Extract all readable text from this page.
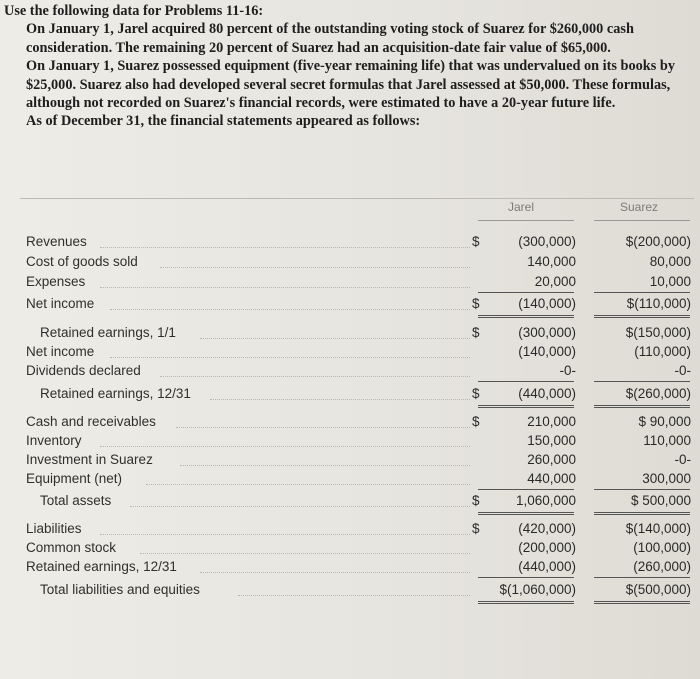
Use the following data for Problems 11-16:

On January 1, Jarel acquired 80 percent of the outstanding voting stock of Suarez for $260,000 cash consideration. The remaining 20 percent of Suarez had an acquisition-date fair value of $65,000.

On January 1, Suarez possessed equipment (five-year remaining life) that was undervalued on its books by $25,000. Suarez also had developed several secret formulas that Jarel assessed at $50,000. These formulas, although not recorded on Suarez's financial records, were estimated to have a 20-year future life.

As of December 31, the financial statements appeared as follows:

Jarel	Suarez
Revenues	$	(300,000)	$(200,000)
Cost of goods sold	140,000	80,000
Expenses	20,000	10,000
Net income	$	(140,000)	$(110,000)
Retained earnings, 1/1	$	(300,000)	$(150,000)
Net income	(140,000)	(110,000)
Dividends declared	-0-	-0-
Retained earnings, 12/31	$	(440,000)	$(260,000)
Cash and receivables	$	210,000	$ 90,000
Inventory	150,000	110,000
Investment in Suarez	260,000	-0-
Equipment (net)	440,000	300,000
Total assets	$	1,060,000	$ 500,000
Liabilities	$	(420,000)	$(140,000)
Common stock	(200,000)	(100,000)
Retained earnings, 12/31	(440,000)	(260,000)
Total liabilities and equities	$(1,060,000)	$(500,000)
